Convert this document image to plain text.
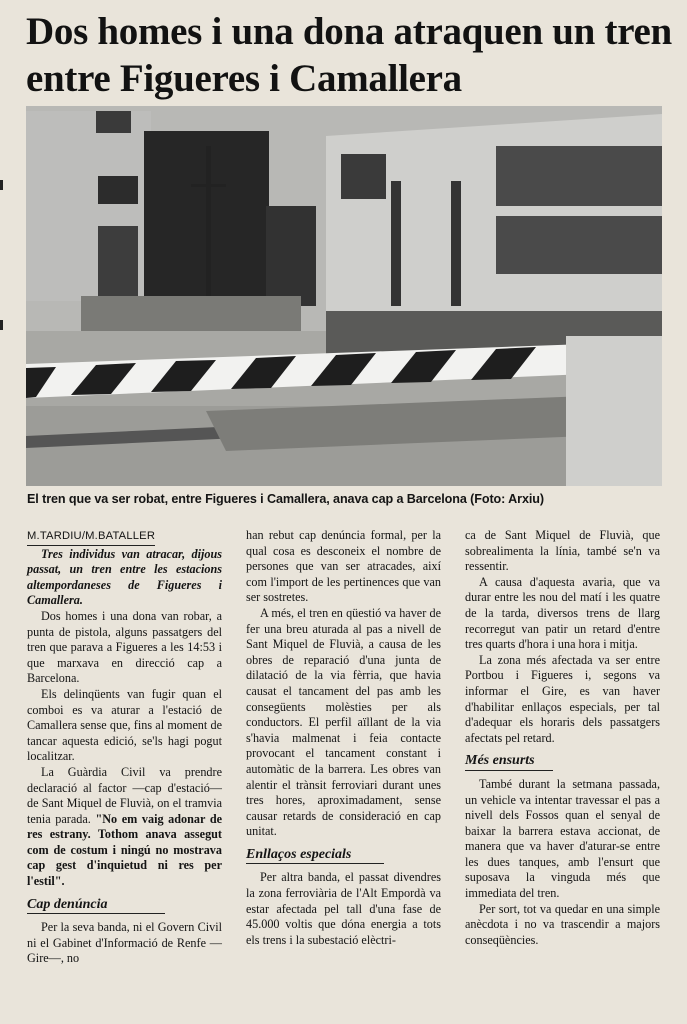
Dos homes i una dona atraquen un tren entre Figueres i Camallera
El tren que va ser robat, entre Figueres i Camallera, anava cap a Barcelona (Foto: Arxiu)
M.TARDIU/M.BATALLER

Tres individus van atracar, dijous passat, un tren entre les estacions altempordaneses de Figueres i Camallera.

Dos homes i una dona van robar, a punta de pistola, alguns passatgers del tren que parava a Figueres a les 14:53 i que marxava en direcció cap a Barcelona.

Els delinqüents van fugir quan el comboi es va aturar a l'estació de Camallera sense que, fins al moment de tancar aquesta edició, se'ls hagi pogut localitzar.

La Guàrdia Civil va prendre declaració al factor —cap d'estació— de Sant Miquel de Fluvià, on el tramvia tenia parada. "No em vaig adonar de res estrany. Tothom anava assegut com de costum i ningú no mostrava cap gest d'inquietud ni res per l'estil".

Cap denúncia

Per la seva banda, ni el Govern Civil ni el Gabinet d'Informació de Renfe —Gire—, no

han rebut cap denúncia formal, per la qual cosa es desconeix el nombre de persones que van ser atracades, així com l'import de les pertinences que van ser sostretes.

A més, el tren en qüestió va haver de fer una breu aturada al pas a nivell de Sant Miquel de Fluvià, a causa de les obres de reparació d'una junta de dilatació de la via fèrria, que havia causat el tancament del pas amb les consegüents molèsties per als conductors. El perfil aïllant de la via s'havia malmenat i feia contacte provocant el tancament constant i automàtic de la barrera. Les obres van alentir el trànsit ferroviari durant unes tres hores, aproximadament, sense causar retards de consideració en cap unitat.

Enllaços especials

Per altra banda, el passat divendres la zona ferroviària de l'Alt Empordà va estar afectada pel tall d'una fase de 45.000 voltis que dóna energia a tots els trens i la subestació elèctri-

ca de Sant Miquel de Fluvià, que sobrealimenta la línia, també se'n va ressentir.

A causa d'aquesta avaria, que va durar entre les nou del matí i les quatre de la tarda, diversos trens de llarg recorregut van patir un retard d'entre tres quarts d'hora i una hora i mitja.

La zona més afectada va ser entre Portbou i Figueres i, segons va informar el Gire, es van haver d'habilitar enllaços especials, per tal d'adequar els horaris dels passatgers afectats pel retard.

Més ensurts

També durant la setmana passada, un vehicle va intentar travessar el pas a nivell dels Fossos quan el senyal de baixar la barrera estava accionat, de manera que va haver d'aturar-se entre les dues tanques, amb l'ensurt que suposava la vinguda més que immediata del tren.

Per sort, tot va quedar en una simple anècdota i no va trascendir a majors conseqüències.
